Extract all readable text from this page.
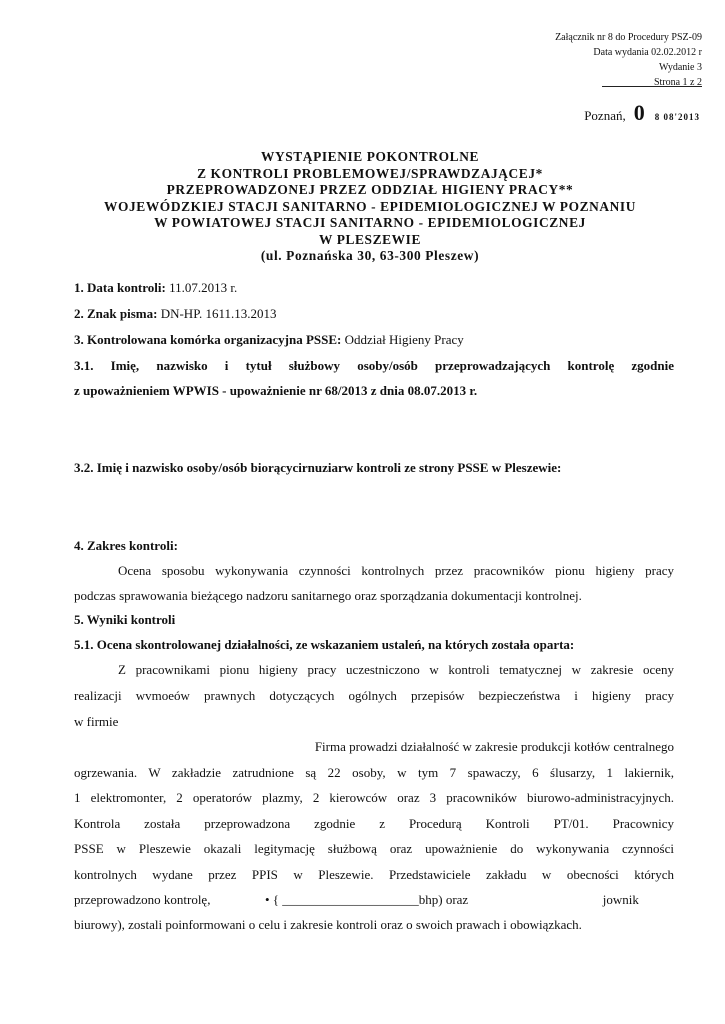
Załącznik nr 8 do Procedury PSZ-09
Data wydania 02.02.2012 r
Wydanie 3
Strona 1 z 2
Poznań, 0 8 08'2013
WYSTĄPIENIE POKONTROLNE
Z KONTROLI PROBLEMOWEJ/SPRAWDZAJĄCEJ*
PRZEPROWADZONEJ PRZEZ ODDZIAŁ HIGIENY PRACY**
WOJEWÓDZKIEJ STACJI SANITARNO - EPIDEMIOLOGICZNEJ W POZNANIU
W POWIATOWEJ STACJI SANITARNO - EPIDEMIOLOGICZNEJ
W PLESZEWIE
(ul. Poznańska 30, 63-300 Pleszew)
1. Data kontroli: 11.07.2013 r.
2. Znak pisma: DN-HP. 1611.13.2013
3. Kontrolowana komórka organizacyjna PSSE: Oddział Higieny Pracy
3.1. Imię, nazwisko i tytuł służbowy osoby/osób przeprowadzających kontrolę zgodnie
z upoważnieniem WPWIS - upoważnienie nr 68/2013 z dnia 08.07.2013 r.
3.2. Imię i nazwisko osoby/osób biorącycirnuziarw kontroli ze strony PSSE w Pleszewie:
4. Zakres kontroli:
Ocena sposobu wykonywania czynności kontrolnych przez pracowników pionu higieny pracy
podczas sprawowania bieżącego nadzoru sanitarnego oraz sporządzania dokumentacji kontrolnej.
5. Wyniki kontroli
5.1. Ocena skontrolowanej działalności, ze wskazaniem ustaleń, na których została oparta:
Z pracownikami pionu higieny pracy uczestniczono w kontroli tematycznej w zakresie oceny
realizacji wvmoeów prawnych dotyczących ogólnych przepisów bezpieczeństwa i higieny pracy
w firmie
Firma prowadzi działalność w zakresie produkcji kotłów centralnego
ogrzewania. W zakładzie zatrudnione są 22 osoby, w tym 7 spawaczy, 6 ślusarzy, 1 lakiernik,
1 elektromonter, 2 operatorów plazmy, 2 kierowców oraz 3 pracowników biurowo-administracyjnych.
Kontrola została przeprowadzona zgodnie z Procedurą Kontroli PT/01. Pracownicy
PSSE w Pleszewie okazali legitymację służbową oraz upoważnienie do wykonywania czynności
kontrolnych wydane przez PPIS w Pleszewie. Przedstawiciele zakładu w obecności których
przeprowadzono kontrolę,	• { _____________________bhp) oraz	jownik
biurowy), zostali poinformowani o celu i zakresie kontroli oraz o swoich prawach i obowiązkach.
